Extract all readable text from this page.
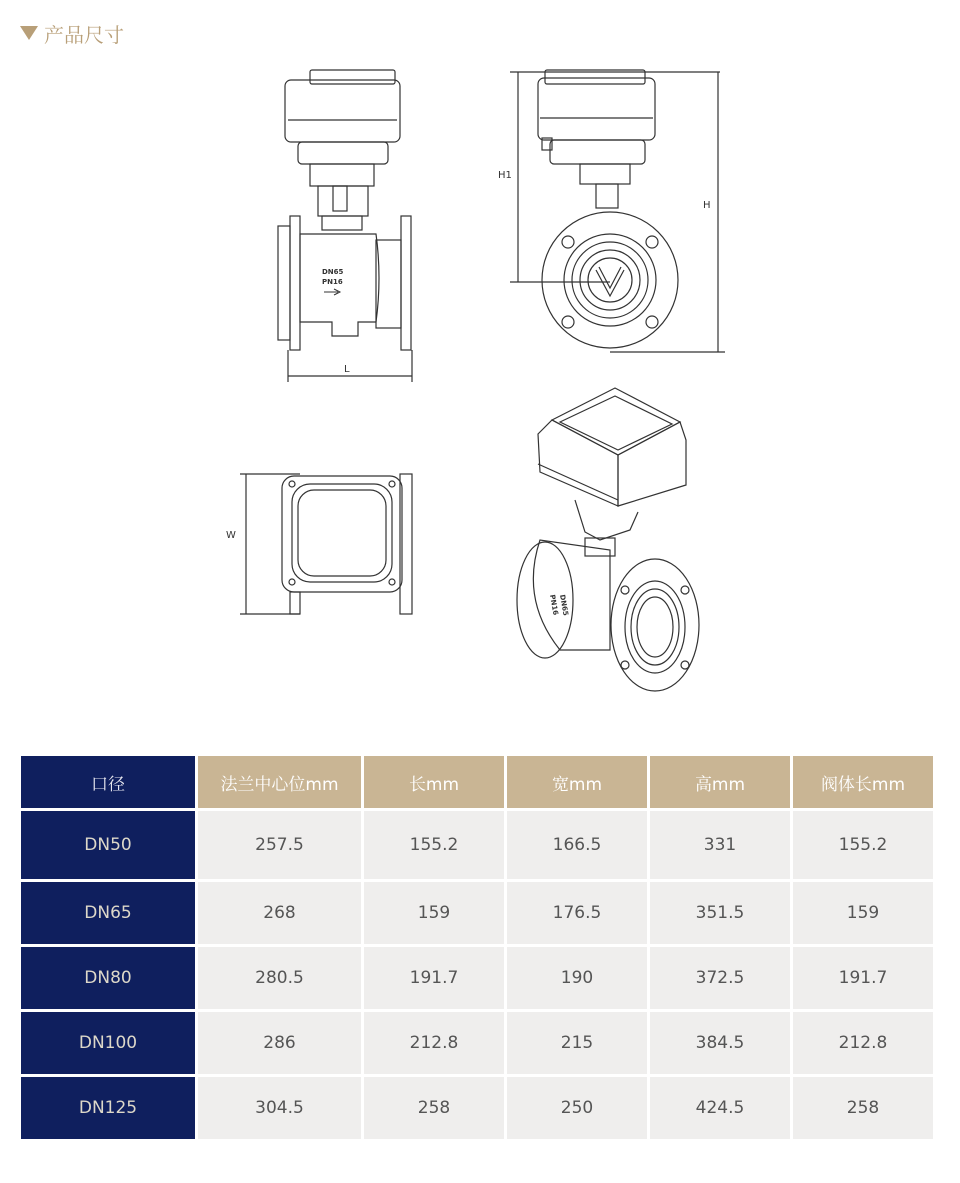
产品尺寸
DN65
PN16
L
H1
H
W
DN65
PN16
口径	法兰中心位mm	长mm	宽mm	高mm	阀体长mm
DN50	257.5	155.2	166.5	331	155.2
DN65	268	159	176.5	351.5	159
DN80	280.5	191.7	190	372.5	191.7
DN100	286	212.8	215	384.5	212.8
DN125	304.5	258	250	424.5	258
